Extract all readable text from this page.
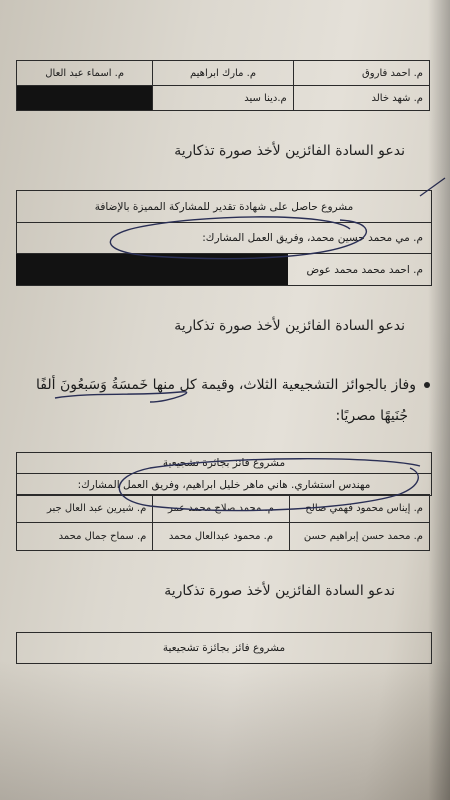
م. احمد فاروق	م. مارك ابراهيم	م. اسماء عبد العال
م. شهد خالد	م.دينا سيد	
ندعو السادة الفائزين لأخذ صورة تذكارية
مشروع حاصل على شهادة تقدير للمشاركة المميزة بالإضافة
م. مي محمد حسين محمد، وفريق العمل المشارك:
م. احمد محمد محمد عوض
ندعو السادة الفائزين لأخذ صورة تذكارية
وفاز بالجوائز التشجيعية الثلاث، وقيمة كل منها خَمسَةُ وَسَبعُونَ ألفًا
جُنَيهًا مصريًا:
مشروع فائز بجائزة تشجيعية
مهندس استشاري. هاني ماهر خليل ابراهيم، وفريق العمل المشارك:
م. إيناس محمود فهمي صالح	م. محمد صلاح محمد عمر	م. شيرين عبد العال جبر
م. محمد حسن إبراهيم حسن	م. محمود عبدالعال محمد	م. سماح جمال محمد
ندعو السادة الفائزين لأخذ صورة تذكارية
مشروع فائز بجائزة تشجيعية
